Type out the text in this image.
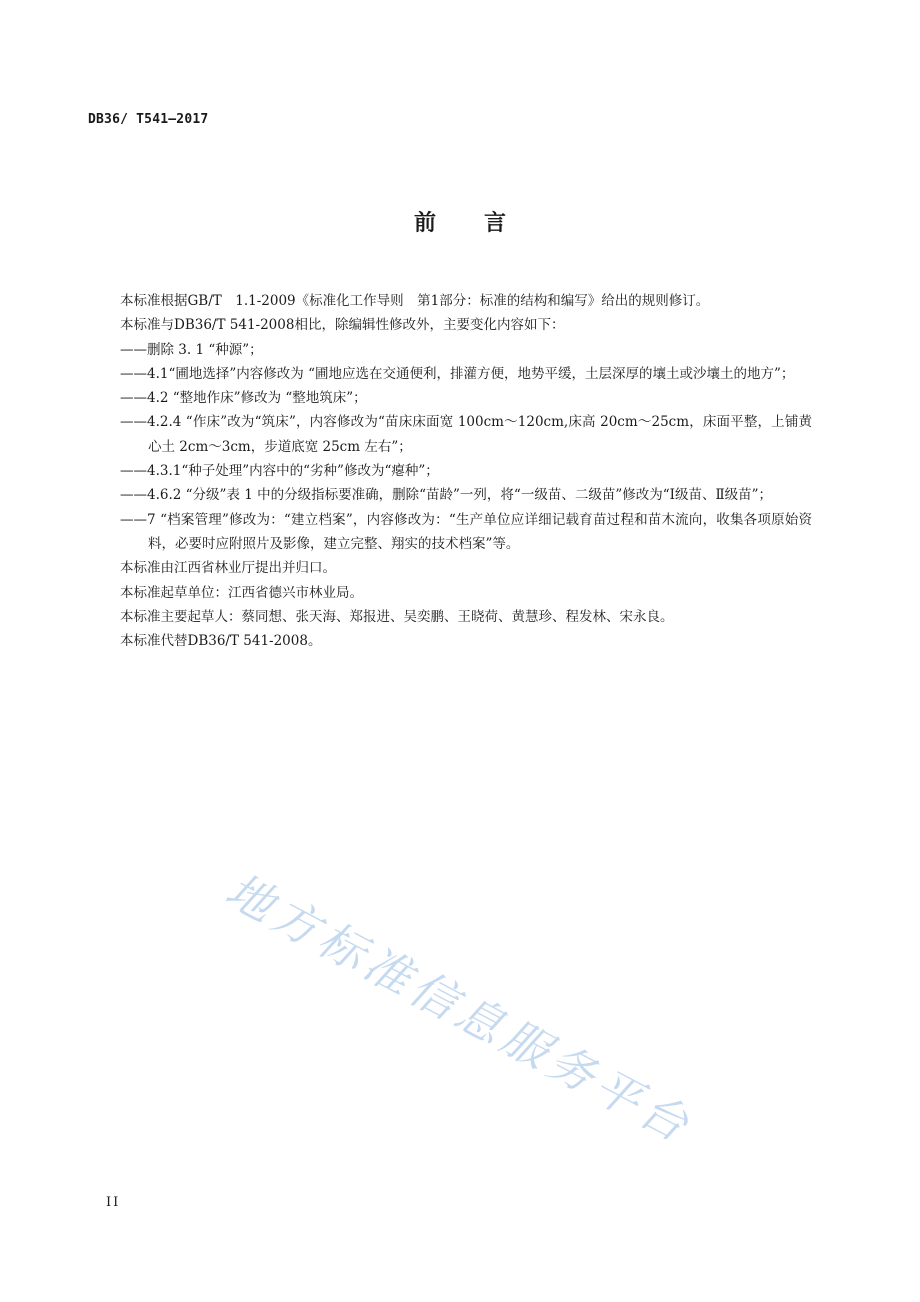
DB36/ T541—2017
前言

本标准根据GB/T　1.1-2009《标准化工作导则　第1部分：标准的结构和编写》给出的规则修订。

本标准与DB36/T 541-2008相比，除编辑性修改外，主要变化内容如下：

——删除 3. 1 “种源”；

——4.1“圃地选择”内容修改为 “圃地应选在交通便利，排灌方便，地势平缓，土层深厚的壤土或沙壤土的地方”；

——4.2 “整地作床”修改为 “整地筑床”；

——4.2.4 “作床”改为“筑床”，内容修改为“苗床床面宽 100cm～120cm,床高 20cm～25cm，床面平整，上铺黄心土 2cm～3cm，步道底宽 25cm 左右”；

——4.3.1“种子处理”内容中的“劣种”修改为“瘪种”；

——4.6.2 “分级”表 1 中的分级指标要准确，删除“苗龄”一列，将“一级苗、二级苗”修改为“Ⅰ级苗、Ⅱ级苗”；

——7 “档案管理”修改为：“建立档案”，内容修改为：“生产单位应详细记载育苗过程和苗木流向，收集各项原始资料，必要时应附照片及影像，建立完整、翔实的技术档案”等。

本标准由江西省林业厅提出并归口。

本标准起草单位：江西省德兴市林业局。

本标准主要起草人：蔡同想、张天海、郑报进、吴奕鹏、王晓荷、黄慧珍、程发林、宋永良。

本标准代替DB36/T 541-2008。

地方标准信息服务平台
II
